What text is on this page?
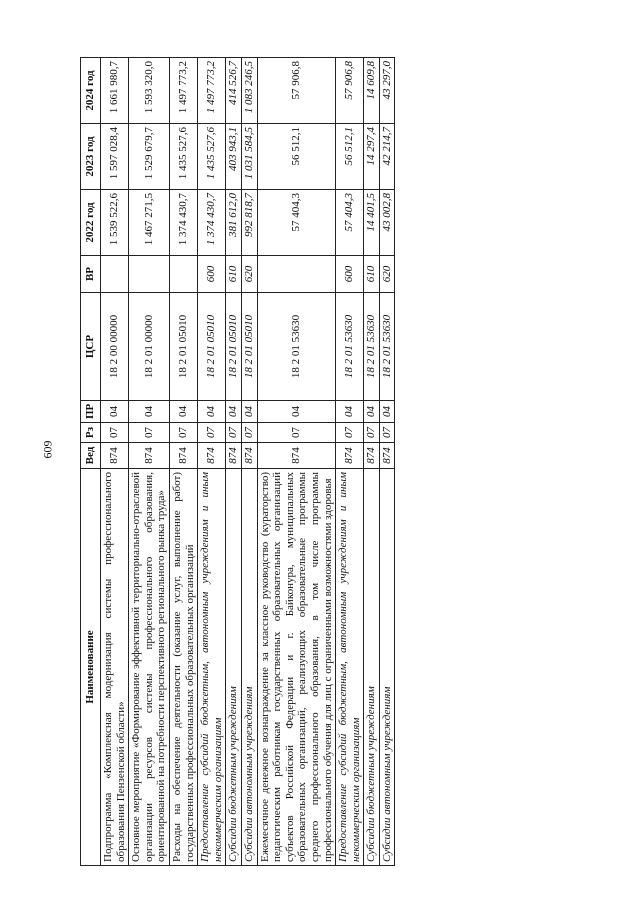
609
Наименование	Вед	Рз	ПР	ЦСР	ВР	2022 год	2023 год	2024 год
Подпрограмма «Комплексная модернизация системы профессионального образования Пензенской области»	874	07	04	18 2 00 00000		1 539 522,6	1 597 028,4	1 661 980,7
Основное мероприятие «Формирование эффективной территориально-отраслевой организации ресурсов системы профессионального образования, ориентированной на потребности перспективного регионального рынка труда»	874	07	04	18 2 01 00000		1 467 271,5	1 529 679,7	1 593 320,0
Расходы на обеспечение деятельности (оказание услуг, выполнение работ) государственных профессиональных образовательных организаций	874	07	04	18 2 01 05010		1 374 430,7	1 435 527,6	1 497 773,2
Предоставление субсидий бюджетным, автономным учреждениям и иным некоммерческим организациям	874	07	04	18 2 01 05010	600	1 374 430,7	1 435 527,6	1 497 773,2
Субсидии бюджетным учреждениям	874	07	04	18 2 01 05010	610	381 612,0	403 943,1	414 526,7
Субсидии автономным учреждениям	874	07	04	18 2 01 05010	620	992 818,7	1 031 584,5	1 083 246,5
Ежемесячное денежное вознаграждение за классное руководство (кураторство) педагогическим работникам государственных образовательных организаций субъектов Российской Федерации и г. Байконура, муниципальных образовательных организаций, реализующих образовательные программы среднего профессионального образования, в том числе программы профессионального обучения для лиц с ограниченными возможностями здоровья	874	07	04	18 2 01 53630		57 404,3	56 512,1	57 906,8
Предоставление субсидий бюджетным, автономным учреждениям и иным некоммерческим организациям	874	07	04	18 2 01 53630	600	57 404,3	56 512,1	57 906,8
Субсидии бюджетным учреждениям	874	07	04	18 2 01 53630	610	14 401,5	14 297,4	14 609,8
Субсидии автономным учреждениям	874	07	04	18 2 01 53630	620	43 002,8	42 214,7	43 297,0
